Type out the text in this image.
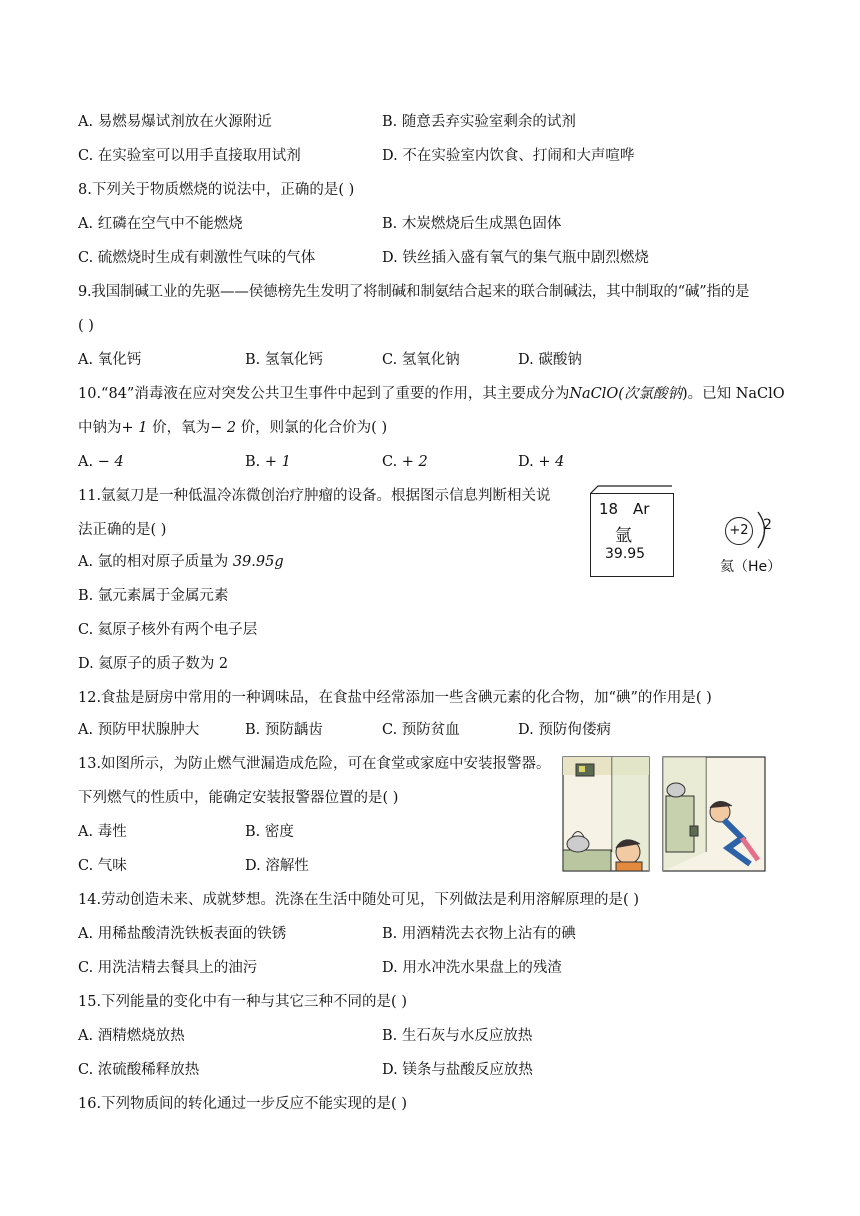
A. 易燃易爆试剂放在火源附近	B. 随意丢弃实验室剩余的试剂
C. 在实验室可以用手直接取用试剂	D. 不在实验室内饮食、打闹和大声喧哗
8.下列关于物质燃烧的说法中，正确的是( )
A. 红磷在空气中不能燃烧	B. 木炭燃烧后生成黑色固体
C. 硫燃烧时生成有刺激性气味的气体	D. 铁丝插入盛有氧气的集气瓶中剧烈燃烧
9.我国制碱工业的先驱——侯德榜先生发明了将制碱和制氨结合起来的联合制碱法，其中制取的“碱”指的是
( )
A. 氧化钙	B. 氢氧化钙	C. 氢氧化钠	D. 碳酸钠
10.“84”消毒液在应对突发公共卫生事件中起到了重要的作用，其主要成分为NaClO(次氯酸钠)。已知 NaClO
中钠为+ 1 价，氧为− 2 价，则氯的化合价为( )
A. − 4	B. + 1	C. + 2	D. + 4
11.氩氦刀是一种低温冷冻微创治疗肿瘤的设备。根据图示信息判断相关说
法正确的是( )
A. 氩的相对原子质量为 39.95g
B. 氩元素属于金属元素
C. 氦原子核外有两个电子层
D. 氦原子的质子数为 2
18 Ar
氩
39.95
+2	2
氦（He）
12.食盐是厨房中常用的一种调味品，在食盐中经常添加一些含碘元素的化合物，加“碘”的作用是( )
A. 预防甲状腺肿大	B. 预防龋齿	C. 预防贫血	D. 预防佝偻病
13.如图所示，为防止燃气泄漏造成危险，可在食堂或家庭中安装报警器。
下列燃气的性质中，能确定安装报警器位置的是( )
A. 毒性	B. 密度
C. 气味	D. 溶解性
14.劳动创造未来、成就梦想。洗涤在生活中随处可见，下列做法是利用溶解原理的是( )
A. 用稀盐酸清洗铁板表面的铁锈	B. 用酒精洗去衣物上沾有的碘
C. 用洗洁精去餐具上的油污	D. 用水冲洗水果盘上的残渣
15.下列能量的变化中有一种与其它三种不同的是( )
A. 酒精燃烧放热	B. 生石灰与水反应放热
C. 浓硫酸稀释放热	D. 镁条与盐酸反应放热
16.下列物质间的转化通过一步反应不能实现的是( )
